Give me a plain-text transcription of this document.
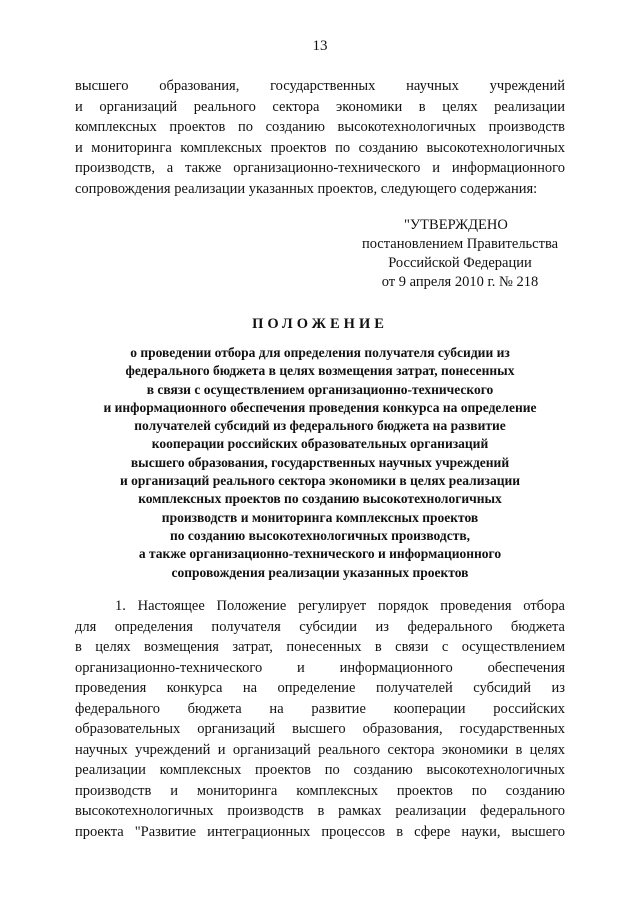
13
высшего образования, государственных научных учреждений
и организаций реального сектора экономики в целях реализации
комплексных проектов по созданию высокотехнологичных производств
и мониторинга комплексных проектов по созданию высокотехнологичных
производств, а также организационно-технического и информационного
сопровождения реализации указанных проектов, следующего содержания:
"УТВЕРЖДЕНО
постановлением Правительства
Российской Федерации
от 9 апреля 2010 г. № 218
ПОЛОЖЕНИЕ
о проведении отбора для определения получателя субсидии из
федерального бюджета в целях возмещения затрат, понесенных
в связи с осуществлением организационно-технического
и информационного обеспечения проведения конкурса на определение
получателей субсидий из федерального бюджета на развитие
кооперации российских образовательных организаций
высшего образования, государственных научных учреждений
и организаций реального сектора экономики в целях реализации
комплексных проектов по созданию высокотехнологичных
производств и мониторинга комплексных проектов
по созданию высокотехнологичных производств,
а также организационно-технического и информационного
сопровождения реализации указанных проектов
1. Настоящее Положение регулирует порядок проведения отбора
для определения получателя субсидии из федерального бюджета
в целях возмещения затрат, понесенных в связи с осуществлением
организационно-технического и информационного обеспечения
проведения конкурса на определение получателей субсидий из
федерального бюджета на развитие кооперации российских
образовательных организаций высшего образования, государственных
научных учреждений и организаций реального сектора экономики в целях
реализации комплексных проектов по созданию высокотехнологичных
производств и мониторинга комплексных проектов по созданию
высокотехнологичных производств в рамках реализации федерального
проекта "Развитие интеграционных процессов в сфере науки, высшего
